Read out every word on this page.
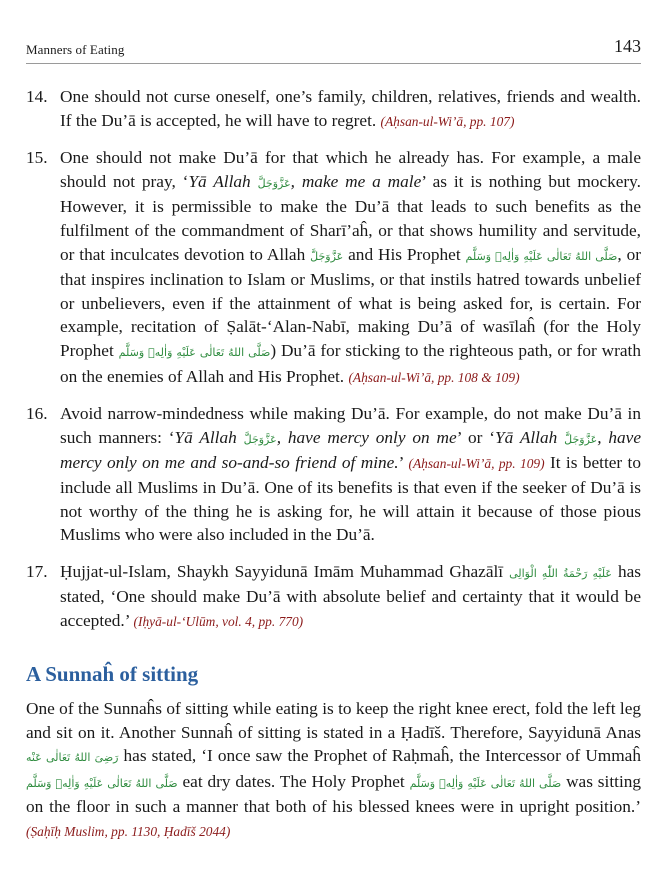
Manners of Eating	143
14. One should not curse oneself, one’s family, children, relatives, friends and wealth. If the Du’ā is accepted, he will have to regret. (Aḥsan-ul-Wi’ā, pp. 107)
15. One should not make Du’ā for that which he already has. For example, a male should not pray, ‘Yā Allah عَزَّوَجَلَّ, make me a male’ as it is nothing but mockery. However, it is permissible to make the Du’ā that leads to such benefits as the fulfilment of the commandment of Sharī’aĥ, or that shows humility and servitude, or that inculcates devotion to Allah عَزَّوَجَلَّ and His Prophet صَلَّى اللهُ تَعَالٰى عَلَيْهِ وَاٰلِهٖ وَسَلَّم, or that inspires inclination to Islam or Muslims, or that instils hatred towards unbelief or unbelievers, even if the attainment of what is being asked for, is certain. For example, recitation of Ṣalāt-‘Alan-Nabī, making Du’ā of wasīlaĥ (for the Holy Prophet صَلَّى اللهُ تَعَالٰى عَلَيْهِ وَاٰلِهٖ وَسَلَّم) Du’ā for sticking to the righteous path, or for wrath on the enemies of Allah and His Prophet. (Aḥsan-ul-Wi’ā, pp. 108 & 109)
16. Avoid narrow-mindedness while making Du’ā. For example, do not make Du’ā in such manners: ‘Yā Allah عَزَّوَجَلَّ, have mercy only on me’ or ‘Yā Allah عَزَّوَجَلَّ, have mercy only on me and so-and-so friend of mine.’ (Aḥsan-ul-Wi’ā, pp. 109) It is better to include all Muslims in Du’ā. One of its benefits is that even if the seeker of Du’ā is not worthy of the thing he is asking for, he will attain it because of those pious Muslims who were also included in the Du’ā.
17. Ḥujjat-ul-Islam, Shaykh Sayyidunā Imām Muhammad Ghazālī عَلَيْهِ رَحْمَةُ اللّٰهِ الْوَالِى has stated, ‘One should make Du’ā with absolute belief and certainty that it would be accepted.’ (Iḥyā-ul-‘Ulūm, vol. 4, pp. 770)
A Sunnaĥ of sitting
One of the Sunnaĥs of sitting while eating is to keep the right knee erect, fold the left leg and sit on it. Another Sunnaĥ of sitting is stated in a Ḥadīš. Therefore, Sayyidunā Anas رَضِىَ اللهُ تَعَالٰى عَنْه has stated, ‘I once saw the Prophet of Raḥmaĥ, the Intercessor of Ummaĥ صَلَّى اللهُ تَعَالٰى عَلَيْهِ وَاٰلِهٖ وَسَلَّم eat dry dates. The Holy Prophet صَلَّى اللهُ تَعَالٰى عَلَيْهِ وَاٰلِهٖ وَسَلَّم was sitting on the floor in such a manner that both of his blessed knees were in upright position.’ (Ṣaḥīḥ Muslim, pp. 1130, Ḥadīš 2044)
